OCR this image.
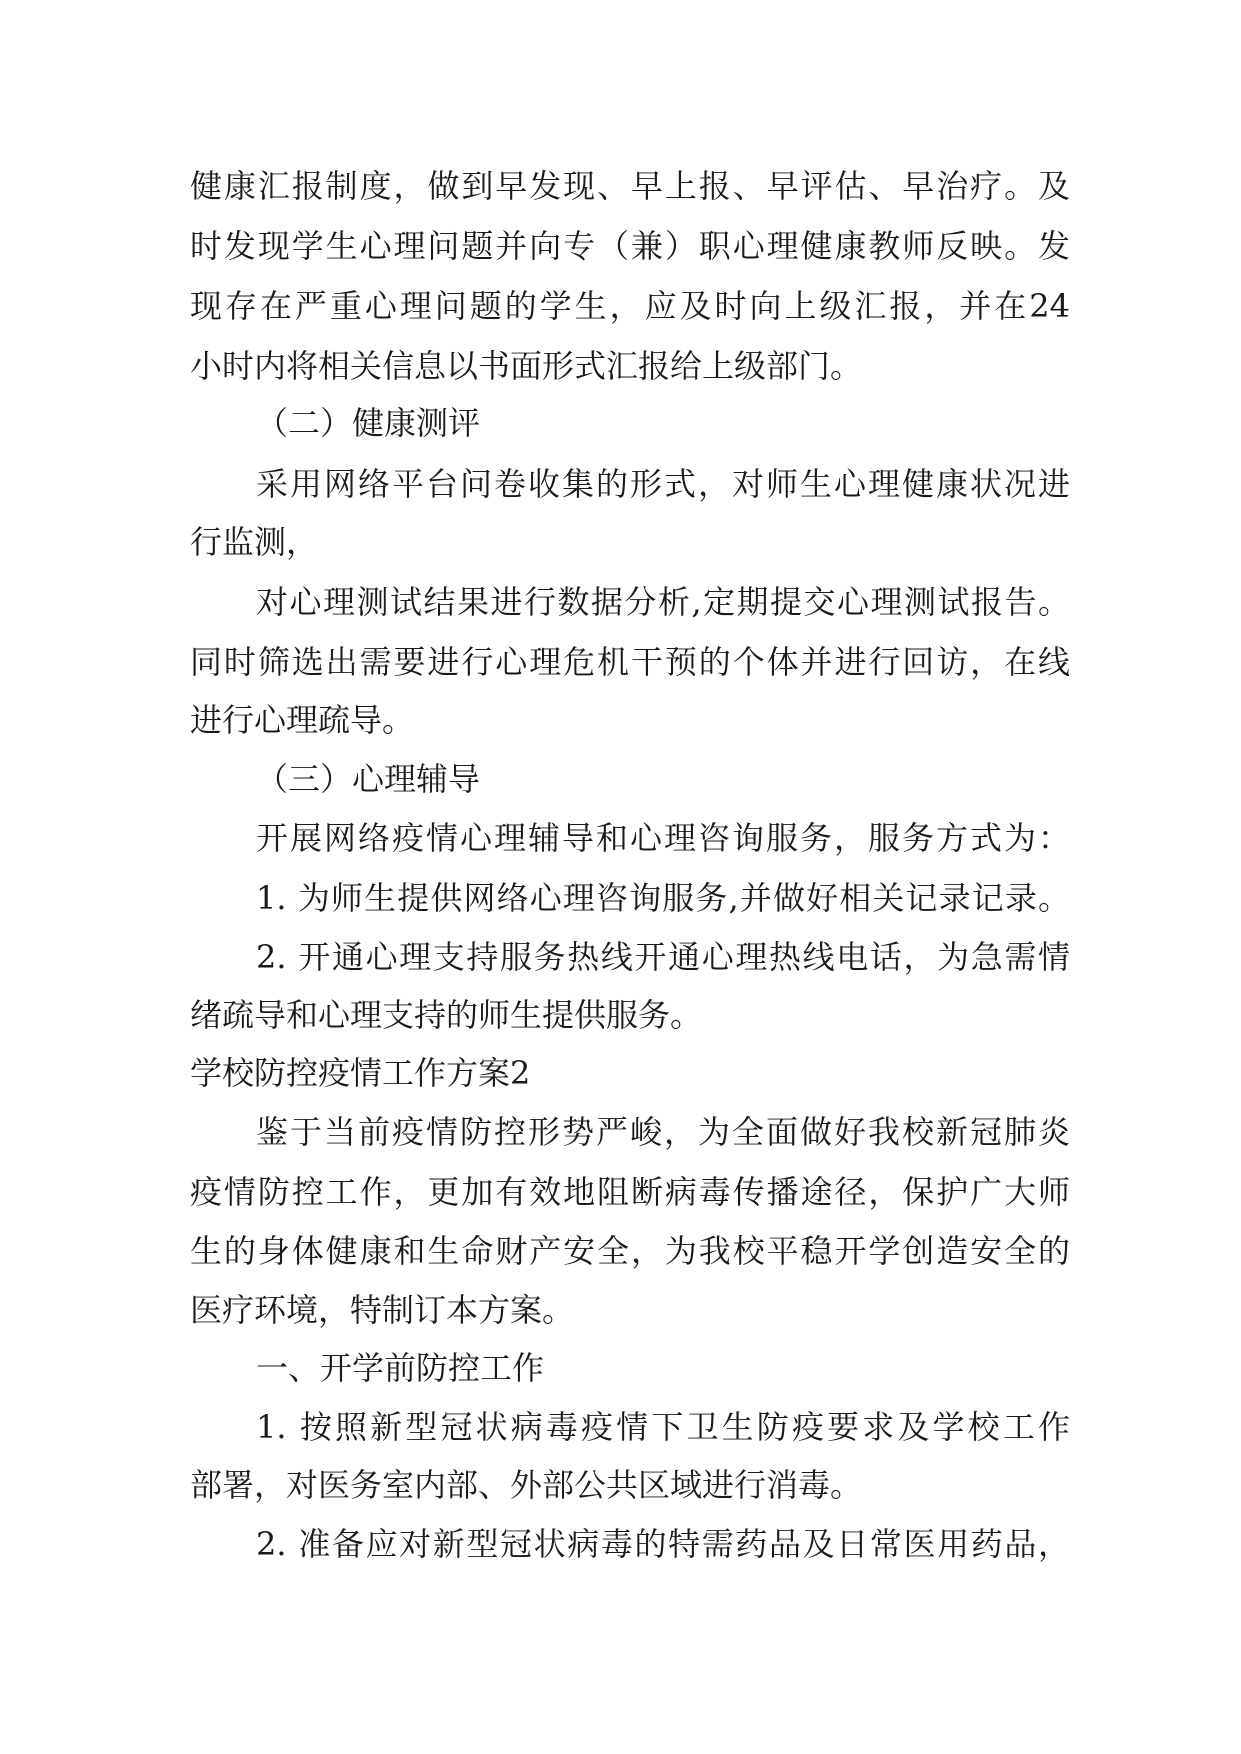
健康汇报制度，做到早发现、早上报、早评估、早治疗。及
时发现学生心理问题并向专（兼）职心理健康教师反映。发
现存在严重心理问题的学生，应及时向上级汇报，并在24
小时内将相关信息以书面形式汇报给上级部门。
（二）健康测评
采用网络平台问卷收集的形式，对师生心理健康状况进
行监测，
对心理测试结果进行数据分析,定期提交心理测试报告。
同时筛选出需要进行心理危机干预的个体并进行回访，在线
进行心理疏导。
（三）心理辅导
开展网络疫情心理辅导和心理咨询服务，服务方式为：
1. 为师生提供网络心理咨询服务,并做好相关记录记录。
2. 开通心理支持服务热线开通心理热线电话，为急需情
绪疏导和心理支持的师生提供服务。
学校防控疫情工作方案2
鉴于当前疫情防控形势严峻，为全面做好我校新冠肺炎
疫情防控工作，更加有效地阻断病毒传播途径，保护广大师
生的身体健康和生命财产安全，为我校平稳开学创造安全的
医疗环境，特制订本方案。
一、开学前防控工作
1. 按照新型冠状病毒疫情下卫生防疫要求及学校工作
部署，对医务室内部、外部公共区域进行消毒。
2. 准备应对新型冠状病毒的特需药品及日常医用药品，
